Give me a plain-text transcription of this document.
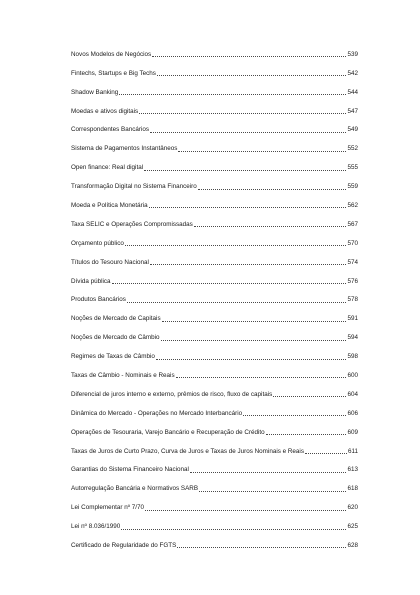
Novos Modelos de Negócios	539
Fintechs, Startups e Big Techs	542
Shadow Banking	544
Moedas e ativos digitais	547
Correspondentes Bancários	549
Sistema de Pagamentos Instantâneos	552
Open finance: Real digital	555
Transformação Digital no Sistema Financeiro	559
Moeda e Política Monetária	562
Taxa SELIC e Operações Compromissadas	567
Orçamento público	570
Títulos do Tesouro Nacional	574
Dívida pública	576
Produtos Bancários	578
Noções de Mercado de Capitais	591
Noções de Mercado de Câmbio	594
Regimes de Taxas de Câmbio	598
Taxas de Câmbio - Nominais e Reais	600
Diferencial de juros interno e externo, prêmios de risco, fluxo de capitais	604
Dinâmica do Mercado - Operações no Mercado Interbancário	606
Operações de Tesouraria, Varejo Bancário e Recuperação de Crédito	609
Taxas de Juros de Curto Prazo, Curva de Juros e Taxas de Juros Nominais e Reais	611
Garantias do Sistema Financeiro Nacional	613
Autorregulação Bancária e Normativos SARB	618
Lei Complementar nº 7/70	620
Lei nº 8.036/1990	625
Certificado de Regularidade do FGTS	628
